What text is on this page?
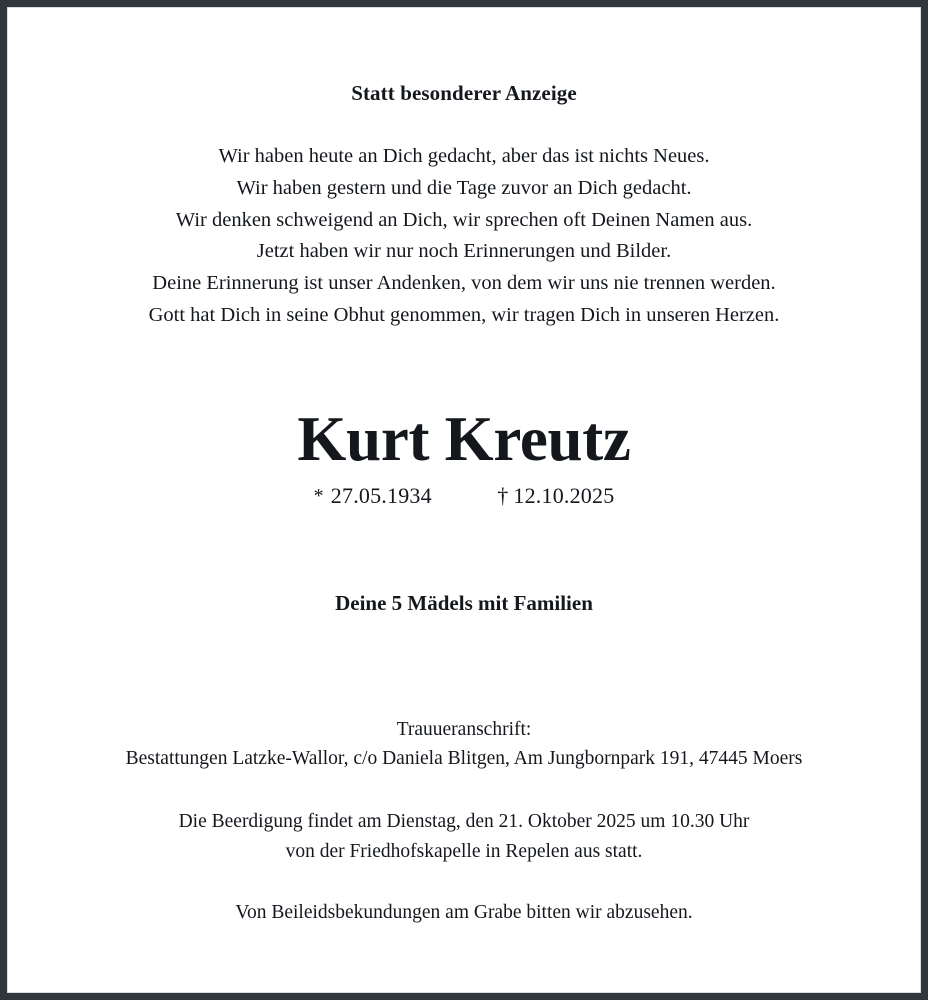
Statt besonderer Anzeige
Wir haben heute an Dich gedacht, aber das ist nichts Neues.
Wir haben gestern und die Tage zuvor an Dich gedacht.
Wir denken schweigend an Dich, wir sprechen oft Deinen Namen aus.
Jetzt haben wir nur noch Erinnerungen und Bilder.
Deine Erinnerung ist unser Andenken, von dem wir uns nie trennen werden.
Gott hat Dich in seine Obhut genommen, wir tragen Dich in unseren Herzen.
Kurt Kreutz
* 27.05.1934	† 12.10.2025
Deine 5 Mädels mit Familien
Trauueranschrift:
Bestattungen Latzke-Wallor, c/o Daniela Blitgen, Am Jungbornpark 191, 47445 Moers
Die Beerdigung findet am Dienstag, den 21. Oktober 2025 um 10.30 Uhr
von der Friedhofskapelle in Repelen aus statt.
Von Beileidsbekundungen am Grabe bitten wir abzusehen.
